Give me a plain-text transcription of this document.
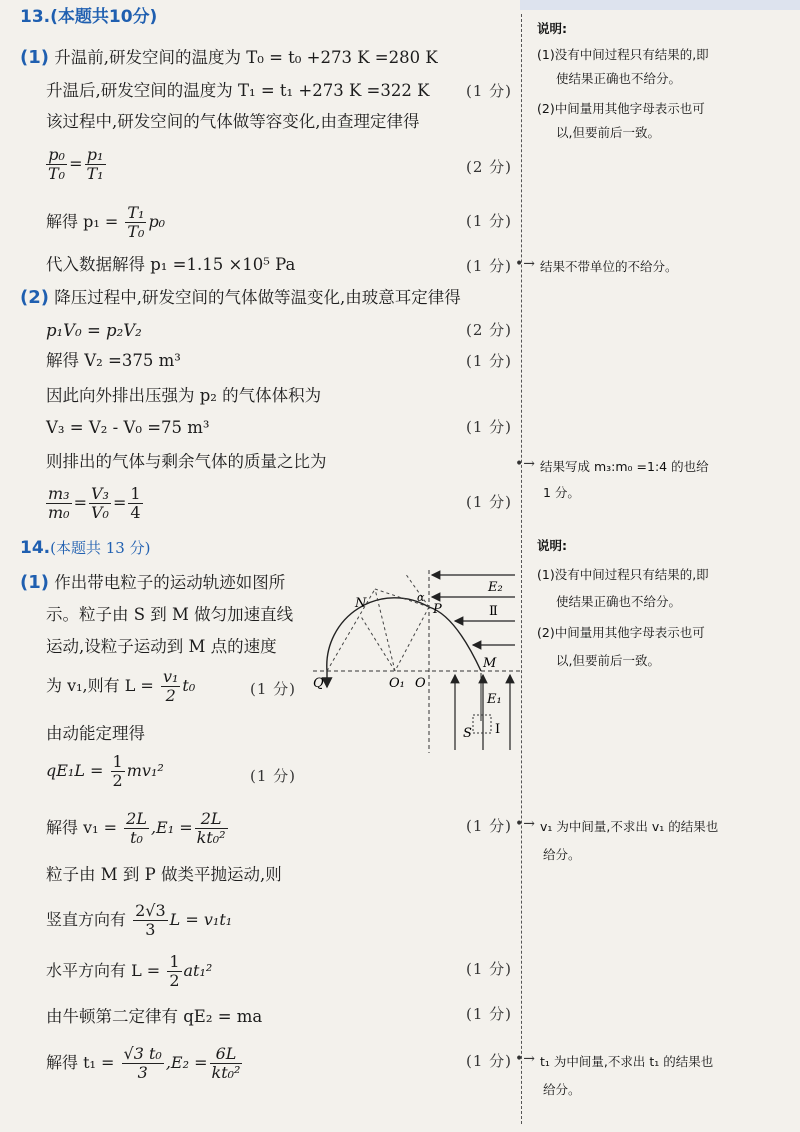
13.(本题共10分)
(1) 升温前,研发空间的温度为 T₀ = t₀ +273 K =280 K
升温后,研发空间的温度为 T₁ = t₁ +273 K =322 K
该过程中,研发空间的气体做等容变化,由查理定律得
$\frac{\text{p₀}}{\text{T₀}} = \frac{\text{p₁}}{\text{T₁}}$
解得 $p_1 = \frac{\text{T₁}}{\text{T₀}} p_0$
代入数据解得 p₁ =1.15 ×10⁵ Pa
(2) 降压过程中,研发空间的气体做等温变化,由玻意耳定律得
p₁V₀ = p₂V₂
解得 V₂ =375 m³
因此向外排出压强为 p₂ 的气体体积为
V₃ = V₂ - V₀ =75 m³
则排出的气体与剩余气体的质量之比为
$\frac{\text{m₃}}{\text{m₀}} = \frac{\text{V₃}}{\text{V₀}} = \frac{1}{4}$
(1 分)
(2 分)
(1 分)
(1 分)
(2 分)
(1 分)
(1 分)
(1 分)
14.(本题共 13 分)
(1) 作出带电粒子的运动轨迹如图所
示。粒子由 S 到 M 做匀加速直线
运动,设粒子运动到 M 点的速度
为 v₁,则有 $L = \frac{\text{v₁}}{2} t_0$
由动能定理得
$qE_1L = \frac{1}{2} mv_1^2$
解得 $v_1 = \frac{2L}{\text{t₀}} ,E_1 = \frac{2L}{\text{kt₀²}}$
粒子由 M 到 P 做类平抛运动,则
竖直方向有 $\frac{2√3}{3}$ L = v₁t₁
水平方向有 $L = \frac{1}{2} at_1^2$
由牛顿第二定律有 qE₂ = ma
解得 $t_1 = \frac{\text{√3 t₀}}{3} ,E_2 = \frac{6L}{\text{kt₀²}}$
(1 分)
(1 分)
(1 分)
(1 分)
(1 分)
(1 分)
N	α
P
E₂
Ⅱ
M
Q	O₁ O
E₁
S Ⅰ
说明:
(1)没有中间过程只有结果的,即
使结果正确也不给分。
(2)中间量用其他字母表示也可
以,但要前后一致。
•→ 结果不带单位的不给分。
•→ 结果写成 m₃:m₀ =1:4 的也给
1 分。
说明:
(1)没有中间过程只有结果的,即
使结果正确也不给分。
(2)中间量用其他字母表示也可
以,但要前后一致。
•→ v₁ 为中间量,不求出 v₁ 的结果也
给分。
•→ t₁ 为中间量,不求出 t₁ 的结果也
给分。
